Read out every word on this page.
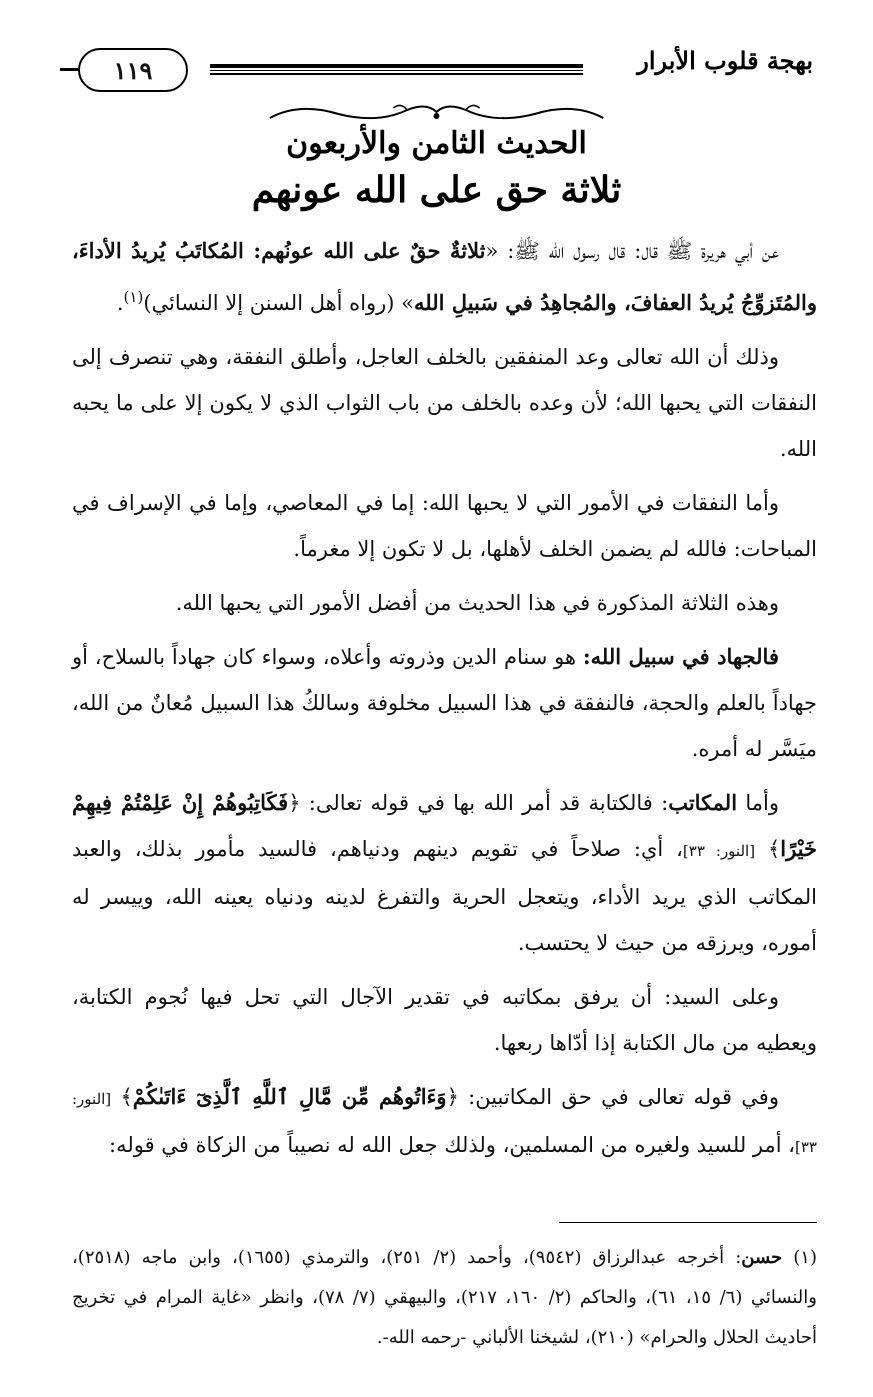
بهجة قلوب الأبرار
١١٩
الحديث الثامن والأربعون
ثلاثة حق على الله عونهم

عن أبي هريرة ﷺ قال: قال رسول الله ﷺ: «ثلاثةٌ حقٌ على الله عونُهم: المُكاتَبُ يُريدُ الأداءَ، والمُتَزوِّجُ يُريدُ العفافَ، والمُجاهِدُ في سَبيلِ الله» (رواه أهل السنن إلا النسائي)$^{(١)}$.

وذلك أن الله تعالى وعد المنفقين بالخلف العاجل، وأطلق النفقة، وهي تنصرف إلى النفقات التي يحبها الله؛ لأن وعده بالخلف من باب الثواب الذي لا يكون إلا على ما يحبه الله.

وأما النفقات في الأمور التي لا يحبها الله: إما في المعاصي، وإما في الإسراف في المباحات: فالله لم يضمن الخلف لأهلها، بل لا تكون إلا مغرماً.

وهذه الثلاثة المذكورة في هذا الحديث من أفضل الأمور التي يحبها الله.

فالجهاد في سبيل الله: هو سنام الدين وذروته وأعلاه، وسواء كان جهاداً بالسلاح، أو جهاداً بالعلم والحجة، فالنفقة في هذا السبيل مخلوفة وسالكُ هذا السبيل مُعانٌ من الله، ميَسَّر له أمره.

وأما المكاتب: فالكتابة قد أمر الله بها في قوله تعالى: ﴿فَكَاتِبُوهُمْ إِنْ عَلِمْتُمْ فِيهِمْ خَيْرًا﴾ [النور: ٣٣]، أي: صلاحاً في تقويم دينهم ودنياهم، فالسيد مأمور بذلك، والعبد المكاتب الذي يريد الأداء، ويتعجل الحرية والتفرغ لدينه ودنياه يعينه الله، وييسر له أموره، ويرزقه من حيث لا يحتسب.

وعلى السيد: أن يرفق بمكاتبه في تقدير الآجال التي تحل فيها نُجوم الكتابة، ويعطيه من مال الكتابة إذا أدّاها ربعها.

وفي قوله تعالى في حق المكاتبين: ﴿وَءَاتُوهُم مِّن مَّالِ ٱللَّهِ ٱلَّذِىٓ ءَاتَىٰكُمْ﴾ [النور: ٣٣]، أمر للسيد ولغيره من المسلمين، ولذلك جعل الله له نصيباً من الزكاة في قوله:

(١) حسن: أخرجه عبدالرزاق (٩٥٤٢)، وأحمد (٢/ ٢٥١)، والترمذي (١٦٥٥)، وابن ماجه (٢٥١٨)، والنسائي (٦/ ١٥، ٦١)، والحاكم (٢/ ١٦٠، ٢١٧)، والبيهقي (٧/ ٧٨)، وانظر «غاية المرام في تخريج أحاديث الحلال والحرام» (٢١٠)، لشيخنا الألباني -رحمه الله-.
